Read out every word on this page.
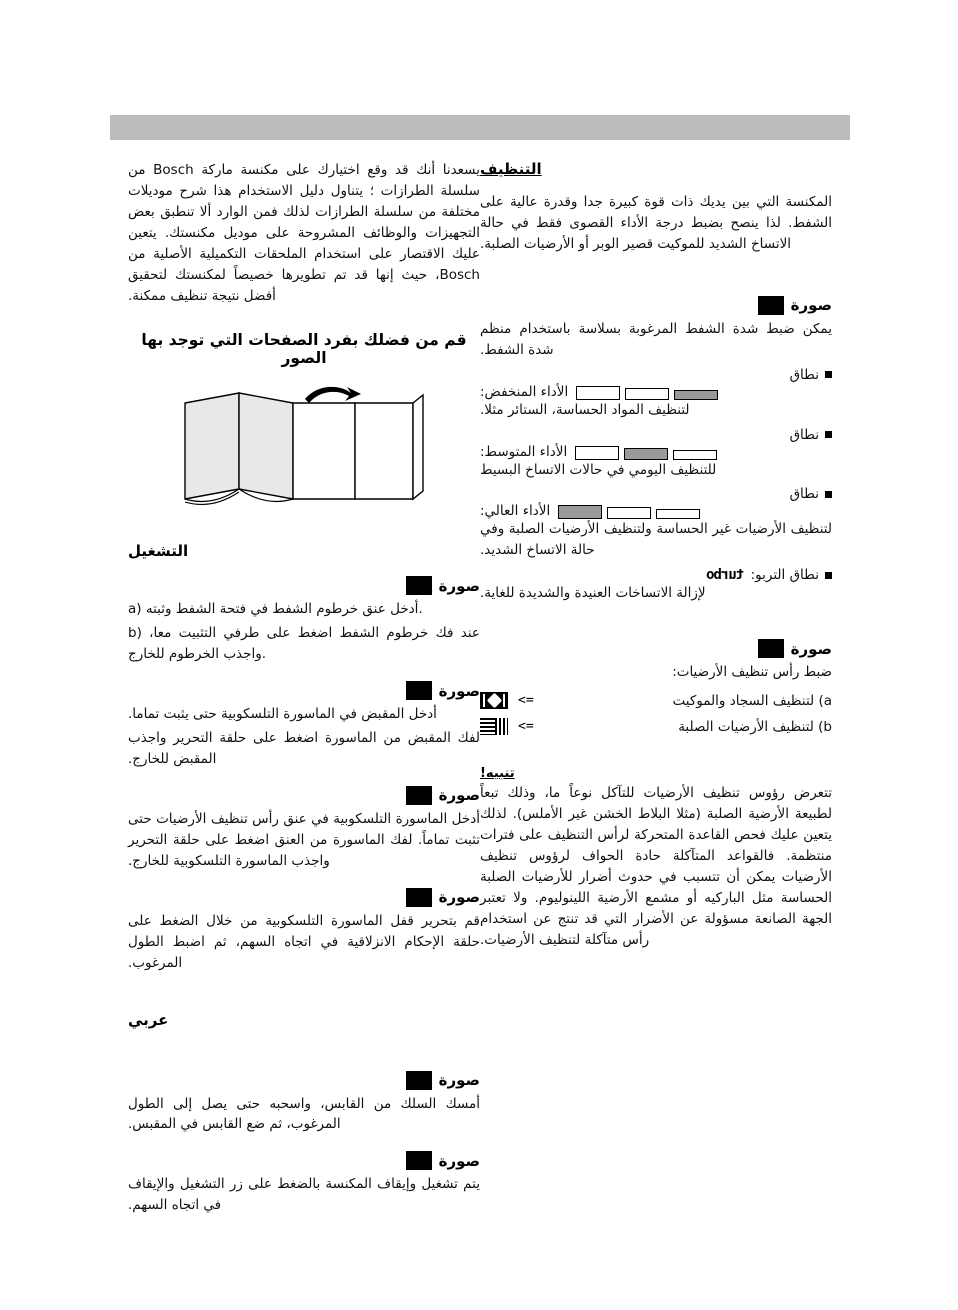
يسعدنا أنك قد وقع اختيارك على مكنسة ماركة Bosch من سلسلة الطرازات ؛ يتناول دليل الاستخدام هذا شرح موديلات مختلفة من سلسلة الطرازات لذلك فمن الوارد ألا تنطبق بعض التجهيزات والوظائف المشروحة على موديل مكنستك. يتعين عليك الاقتصار على استخدام الملحقات التكميلية الأصلية من Bosch، حيث إنها قد تم تطويرها خصيصاً لمكنستك لتحقيق أفضل نتيجة تنظيف ممكنة.

قم من فضلك بفرد الصفحات التي توجد بها الصور

التشغيل

صورة

a) أدخل عنق خرطوم الشفط في فتحة الشفط وثبته.

b) عند فك خرطوم الشفط اضغط على طرفي التثبيت معا، واجذب الخرطوم للخارج.

صورة

أدخل المقبض في الماسورة التلسكوبية حتى يثبت تماما.

لفك المقبض من الماسورة اضغط على حلقة التحرير واجذب المقبض للخارج.

صورة

أدخل الماسورة التلسكوبية في عنق رأس تنظيف الأرضيات حتى تثبت تماماً. لفك الماسورة من العنق اضغط على حلقة التحرير واجذب الماسورة التلسكوبية للخارج.

صورة

قم بتحرير قفل الماسورة التلسكوبية من خلال الضغط على حلقة الإحكام الانزلاقية في اتجاه السهم، ثم اضبط الطول المرغوب.

عربي

صورة

أمسك السلك من القابس، واسحبه حتى يصل إلى الطول المرغوب، ثم ضع القابس في المقبس.

صورة

يتم تشغيل وإيقاف المكنسة بالضغط على زر التشغيل والإيقاف في اتجاه السهم.

التنظيف

المكنسة التي بين يديك ذات قوة كبيرة جدا وقدرة عالية على الشفط. لذا ينصح بضبط درجة الأداء القصوى فقط في حالة الاتساخ الشديد للموكيت قصير الوبر أو الأرضيات الصلبة.

صورة

يمكن ضبط شدة الشفط المرغوبة بسلاسة باستخدام منظم شدة الشفط.

نطاق
الأداء المنخفض:

لتنظيف المواد الحساسة، الستائر مثلا.

نطاق
الأداء المتوسط:

للتنظيف اليومي في حالات الاتساخ البسيط

نطاق
الأداء العالي:

لتنظيف الأرضيات غير الحساسة ولتنظيف الأرضيات الصلبة وفي حالة الاتساخ الشديد.

نطاق التربو:
turbo

لإزالة الاتساخات العنيدة والشديدة للغاية.

صورة

ضبط رأس تنظيف الأرضيات:

a) لتنظيف السجاد والموكيت
<=
b) لتنظيف الأرضيات الصلبة
<=

تنبيه!

تتعرض رؤوس تنظيف الأرضيات للتآكل نوعاً ما، وذلك تبعاً لطبيعة الأرضية الصلبة (مثلا البلاط الخشن غير الأملس). لذلك يتعين عليك فحص القاعدة المتحركة لرأس التنظيف على فترات منتظمة. فالقواعد المتآكلة حادة الحواف لرؤوس تنظيف الأرضيات يمكن أن تتسبب في حدوث أضرار للأرضيات الصلبة الحساسة مثل الباركيه أو مشمع الأرضية اللينوليوم. ولا تعتبر الجهة الصانعة مسؤولة عن الأضرار التي قد تنتج عن استخدام رأس متآكلة لتنظيف الأرضيات.
